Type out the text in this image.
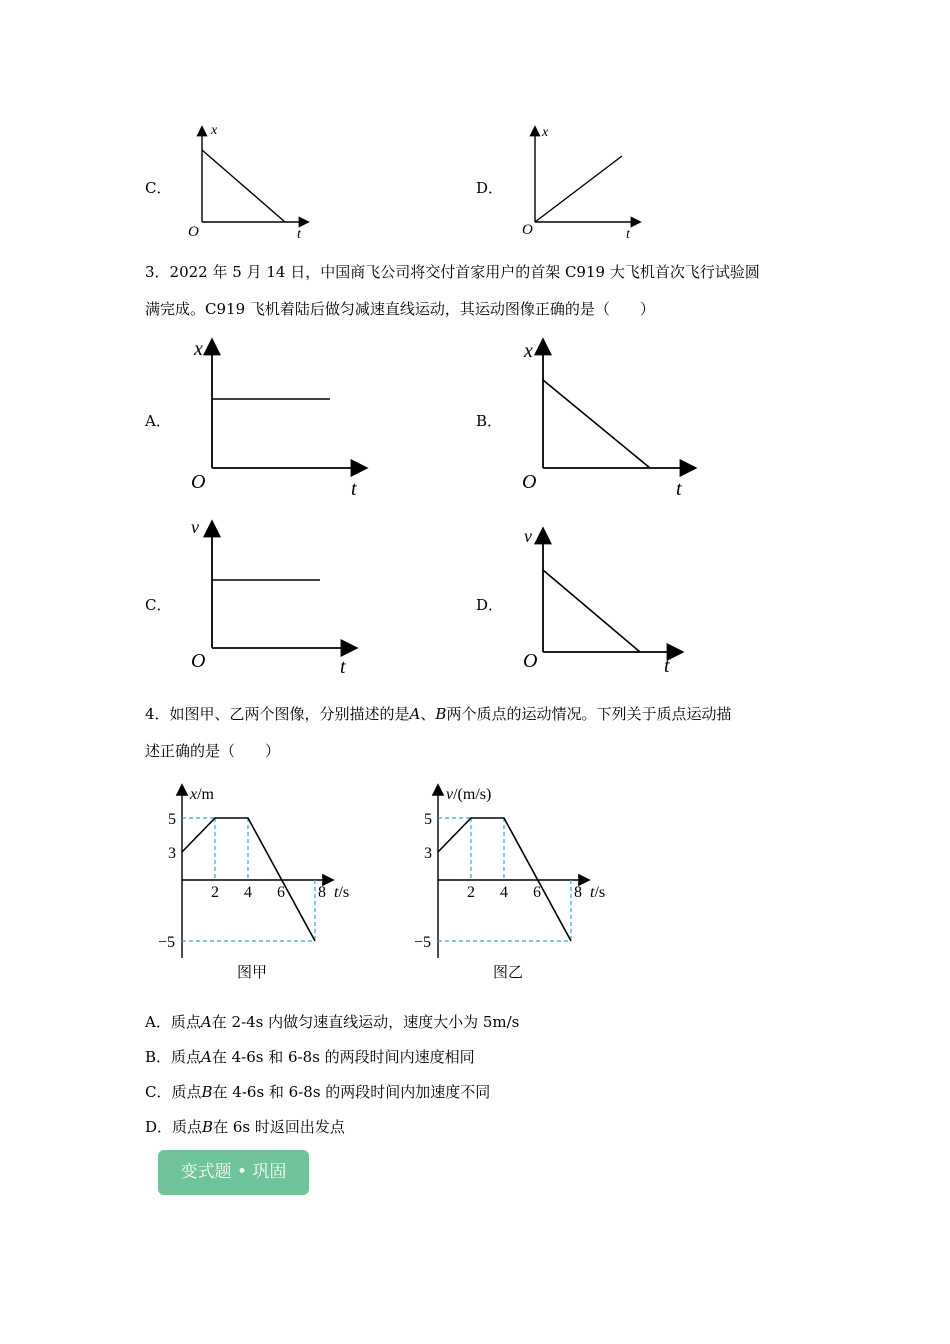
C．
x
t
O
D．
x
t
O
3．2022 年 5 月 14 日，中国商飞公司将交付首家用户的首架 C919 大飞机首次飞行试验圆
满完成。C919 飞机着陆后做匀减速直线运动，其运动图像正确的是（　　）
A．
x
t
O
B．
x
t
O
C．
v
t
O
D．
v
t
O
4．如图甲、乙两个图像，分别描述的是A、B两个质点的运动情况。下列关于质点运动描
述正确的是（　　）
x/m
5
3
−5
2 4 6 8 t/s
图甲
v/(m/s)
5
3
−5
2 4 6 8 t/s
图乙
A．质点A在 2-4s 内做匀速直线运动，速度大小为 5m/s
B．质点A在 4-6s 和 6-8s 的两段时间内速度相同
C．质点B在 4-6s 和 6-8s 的两段时间内加速度不同
D．质点B在 6s 时返回出发点
变式题 • 巩固
